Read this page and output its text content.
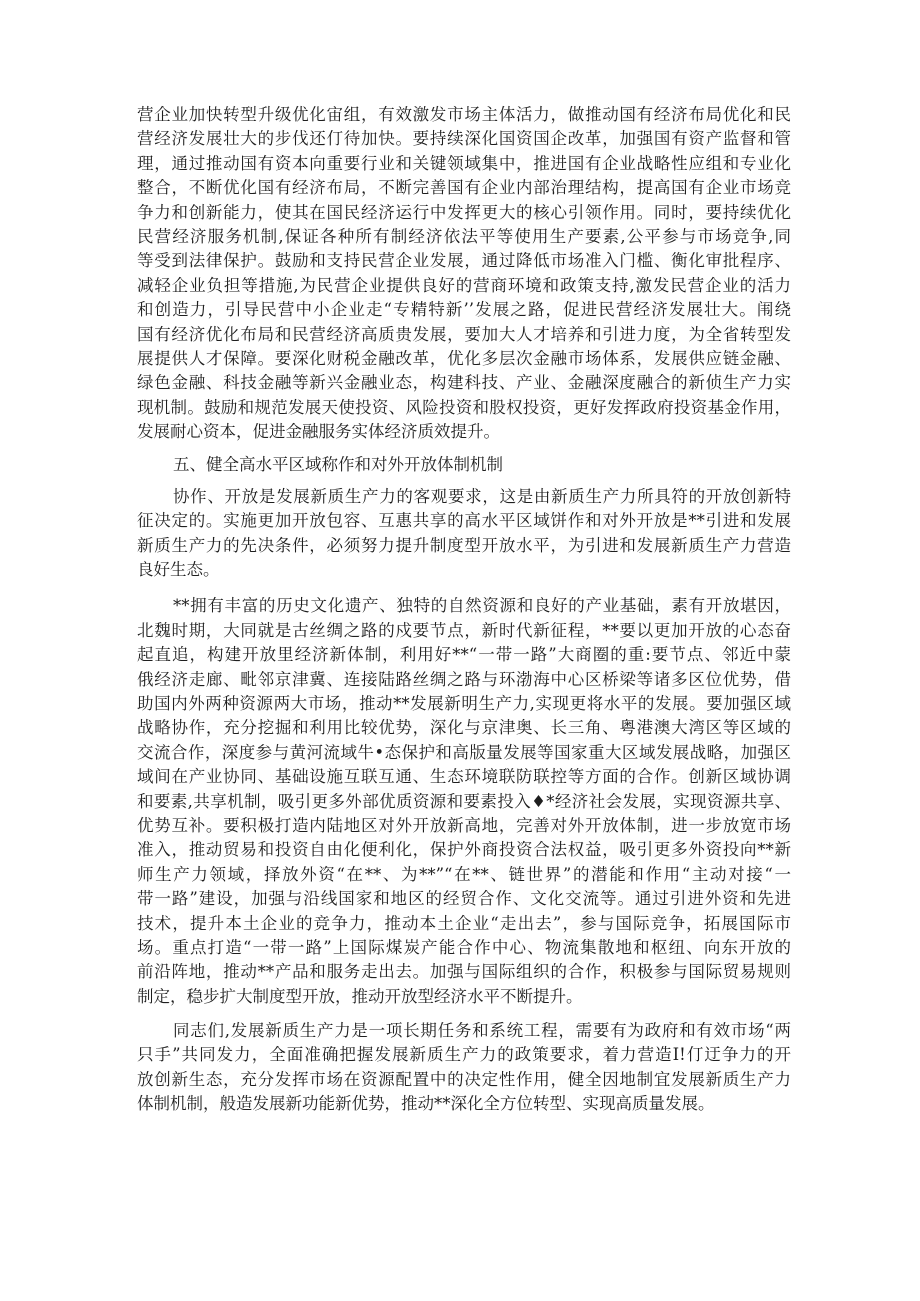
营企业加快转型升级优化宙组，有效激发市场主体活力，做推动国有经济布局优化和民
营经济发展壮大的步伐还仃待加快。要持续深化国资国企改革，加强国有资产监督和管
理，通过推动国有资本向重要行业和关键领域集中，推进国有企业战略性应组和专业化
整合，不断优化国有经济布局，不断完善国有企业内部治理结构，提高国有企业市场竞
争力和创新能力，使其在国民经济运行中发挥更大的核心引领作用。同时，要持续优化
民营经济服务机制,保证各种所有制经济依法平等使用生产要素,公平参与市场竞争,同
等受到法律保护。鼓励和支持民营企业发展，通过降低市场准入门槛、衡化审批程序、
减轻企业负担等措施,为民营企业提供良好的营商环境和政策支持,激发民营企业的活力
和创造力，引导民营中小企业走“专精特新’’发展之路，促进民营经济发展壮大。闱绕
国有经济优化布局和民营经济高质贵发展，要加大人才培养和引进力度，为全省转型发
展提供人才保障。要深化财税金融改革，优化多层次金融市场体系，发展供应链金融、
绿色金融、科技金融等新兴金融业态，构建科技、产业、金融深度融合的新侦生产力实
现机制。鼓励和规范发展天使投资、风险投资和股权投资，更好发挥政府投资基金作用，
发展耐心资本，促进金融服务实体经济质效提升。
五、健全高水平区域称作和对外开放体制机制
协作、开放是发展新质生产力的客观要求，这是由新质生产力所具符的开放创新特
征决定的。实施更加开放包容、互惠共享的高水平区域饼作和对外开放是**引进和发展
新质生产力的先决条件，必须努力提升制度型开放水平，为引进和发展新质生产力营造
良好生态。
**拥有丰富的历史文化遗产、独特的自然资源和良好的产业基础，素有开放堪因，
北魏时期，大同就是古丝绸之路的戍要节点，新时代新征程，**要以更加开放的心态奋
起直追，构建开放里经济新体制，利用好**“一带一路”大商圈的重:要节点、邻近中蒙
俄经济走廊、毗邻京津冀、连接陆路丝绸之路与环渤海中心区桥梁等诸多区位优势，借
助国内外两种资源两大市场，推动**发展新明生产力,实现更将水平的发展。要加强区域
战略协作，充分挖掘和利用比较优势，深化与京津奥、长三角、粤港澳大湾区等区域的
交流合作，深度参与黄河流域牛•态保护和高版量发展等国家重大区域发展战略，加强区
域间在产业协同、基础设施互联互通、生态环境联防联控等方面的合作。创新区域协调
和要素,共享机制，吸引更多外部优质资源和要素投入♦*经济社会发展，实现资源共享、
优势互补。要积极打造内陆地区对外开放新高地，完善对外开放体制，进一步放宽市场
准入，推动贸易和投资自由化便利化，保护外商投资合法权益，吸引更多外资投向**新
师生产力领域，择放外资“在**、为**”“在**、链世界”的潜能和作用“主动对接“一
带一路”建设，加强与沿线国家和地区的经贸合作、文化交流等。通过引进外资和先进
技术，提升本土企业的竞争力，推动本土企业“走出去”，参与国际竞争，拓展国际市
场。重点打造“一带一路”上国际煤炭产能合作中心、物流集散地和枢纽、向东开放的
前沿阵地，推动**产品和服务走出去。加强与国际组织的合作，积极参与国际贸易规则
制定，稳步扩大制度型开放，推动开放型经济水平不断提升。
同志们,发展新质生产力是一项长期任务和系统工程，需要有为政府和有效市场“两
只手”共同发力，全面准确把握发展新质生产力的政策要求，着力营造I!仃迂争力的开
放创新生态，充分发挥市场在资源配置中的决定性作用，健全因地制宜发展新质生产力
体制机制，般造发展新功能新优势，推动**深化全方位转型、实现高质量发展。
